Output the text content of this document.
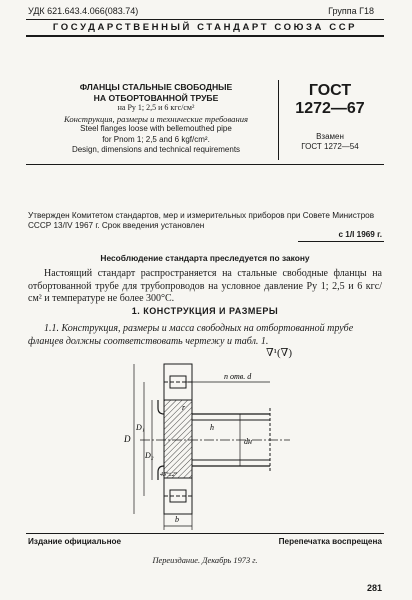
УДК 621.643.4.066(083.74)	Группа Г18
ГОСУДАРСТВЕННЫЙ СТАНДАРТ СОЮЗА ССР
ФЛАНЦЫ СТАЛЬНЫЕ СВОБОДНЫЕ
НА ОТБОРТОВАННОЙ ТРУБЕ
на Pу 1; 2,5 и 6 кгс/см²
Конструкция, размеры и технические требования
Steel flanges loose with bellemouthed pipe
for Pnom 1; 2,5 and 6 kgf/cm².
Design, dimensions and technical requirements
ГОСТ
1272—67
Взамен
ГОСТ 1272—54
Утвержден Комитетом стандартов, мер и измерительных приборов при Совете Министров СССР 13/IV 1967 г. Срок введения установлен
с 1/I 1969 г.
Несоблюдение стандарта преследуется по закону
Настоящий стандарт распространяется на стальные свободные фланцы на отбортованной трубе для трубопроводов на условное давление Pу 1; 2,5 и 6 кгс/см² и температуре не более 300°С.
1. КОНСТРУКЦИЯ И РАЗМЕРЫ
1.1. Конструкция, размеры и масса свободных на отбортованной трубе фланцев должны соответствовать чертежу и табл. 1.
∇¹(∇)
D
D₁
D₂
dн
n отв. d
r
45°±2°
b
h
Издание официальное	Перепечатка воспрещена
Переиздание. Декабрь 1973 г.
281
